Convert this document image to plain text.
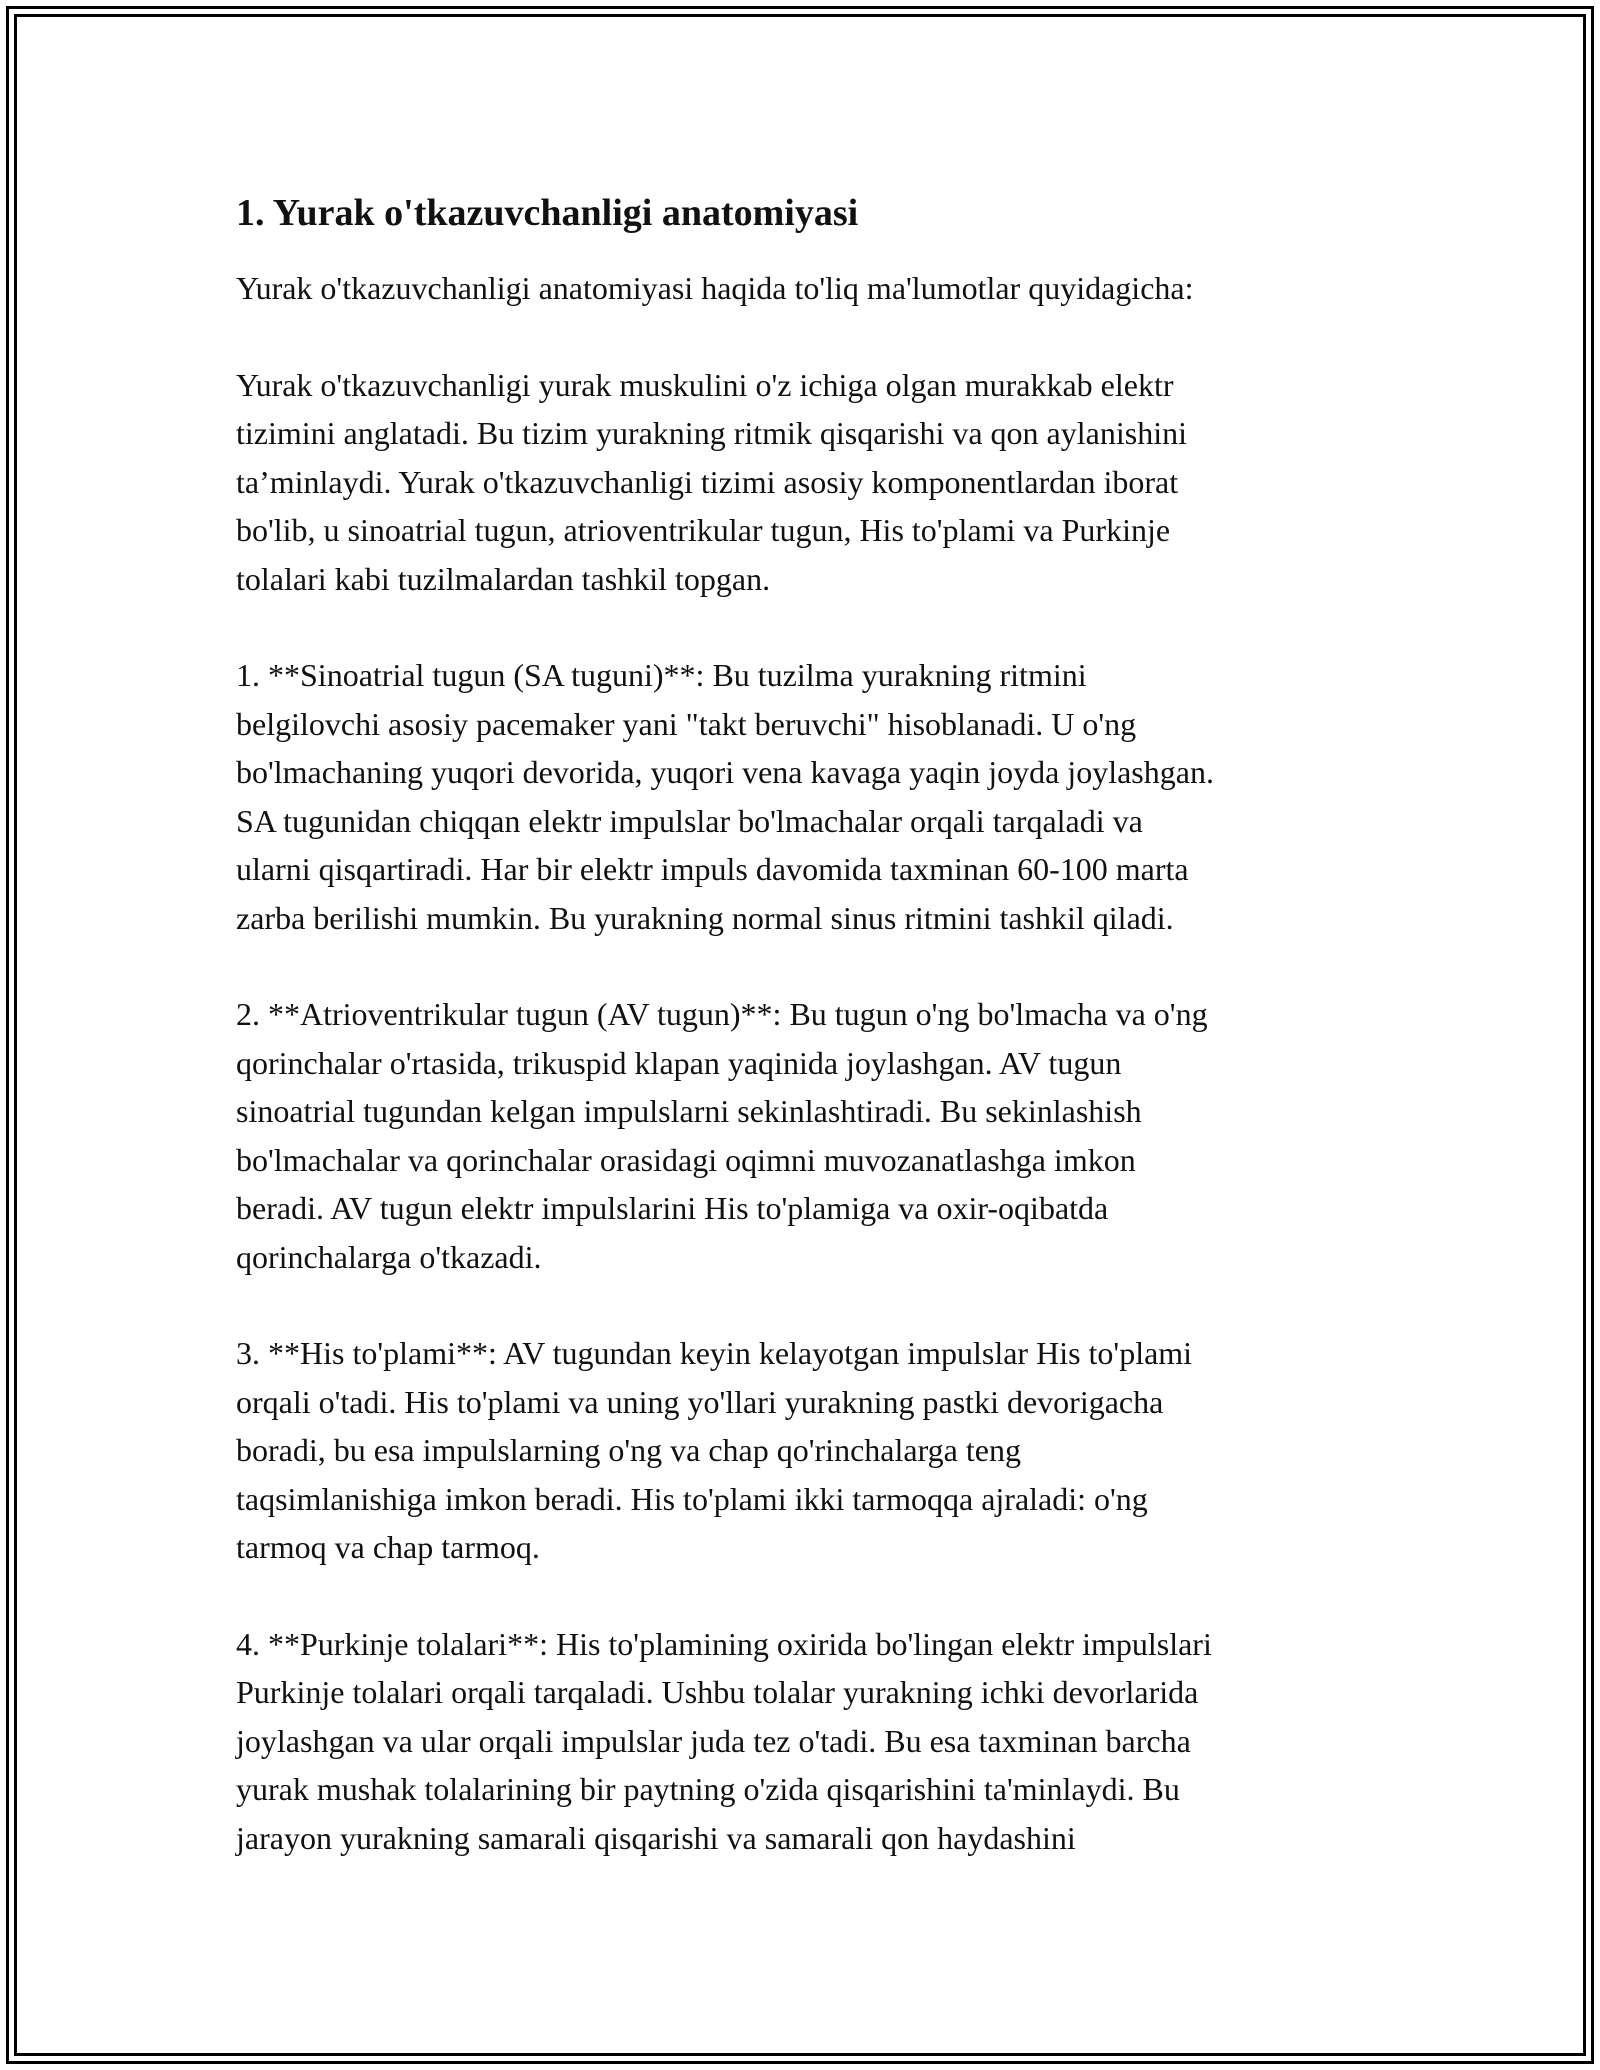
1. Yurak o'tkazuvchanligi anatomiyasi

Yurak o'tkazuvchanligi anatomiyasi haqida to'liq ma'lumotlar quyidagicha:

Yurak o'tkazuvchanligi yurak muskulini o'z ichiga olgan murakkab elektr
tizimini anglatadi. Bu tizim yurakning ritmik qisqarishi va qon aylanishini
ta’minlaydi. Yurak o'tkazuvchanligi tizimi asosiy komponentlardan iborat
bo'lib, u sinoatrial tugun, atrioventrikular tugun, His to'plami va Purkinje
tolalari kabi tuzilmalardan tashkil topgan.

1. **Sinoatrial tugun (SA tuguni)**: Bu tuzilma yurakning ritmini
belgilovchi asosiy pacemaker yani "takt beruvchi" hisoblanadi. U o'ng
bo'lmachaning yuqori devorida, yuqori vena kavaga yaqin joyda joylashgan.
SA tugunidan chiqqan elektr impulslar bo'lmachalar orqali tarqaladi va
ularni qisqartiradi. Har bir elektr impuls davomida taxminan 60-100 marta
zarba berilishi mumkin. Bu yurakning normal sinus ritmini tashkil qiladi.

2. **Atrioventrikular tugun (AV tugun)**: Bu tugun o'ng bo'lmacha va o'ng
qorinchalar o'rtasida, trikuspid klapan yaqinida joylashgan. AV tugun
sinoatrial tugundan kelgan impulslarni sekinlashtiradi. Bu sekinlashish
bo'lmachalar va qorinchalar orasidagi oqimni muvozanatlashga imkon
beradi. AV tugun elektr impulslarini His to'plamiga va oxir-oqibatda
qorinchalarga o'tkazadi.

3. **His to'plami**: AV tugundan keyin kelayotgan impulslar His to'plami
orqali o'tadi. His to'plami va uning yo'llari yurakning pastki devorigacha
boradi, bu esa impulslarning o'ng va chap qo'rinchalarga teng
taqsimlanishiga imkon beradi. His to'plami ikki tarmoqqa ajraladi: o'ng
tarmoq va chap tarmoq.

4. **Purkinje tolalari**: His to'plamining oxirida bo'lingan elektr impulslari
Purkinje tolalari orqali tarqaladi. Ushbu tolalar yurakning ichki devorlarida
joylashgan va ular orqali impulslar juda tez o'tadi. Bu esa taxminan barcha
yurak mushak tolalarining bir paytning o'zida qisqarishini ta'minlaydi. Bu
jarayon yurakning samarali qisqarishi va samarali qon haydashini
